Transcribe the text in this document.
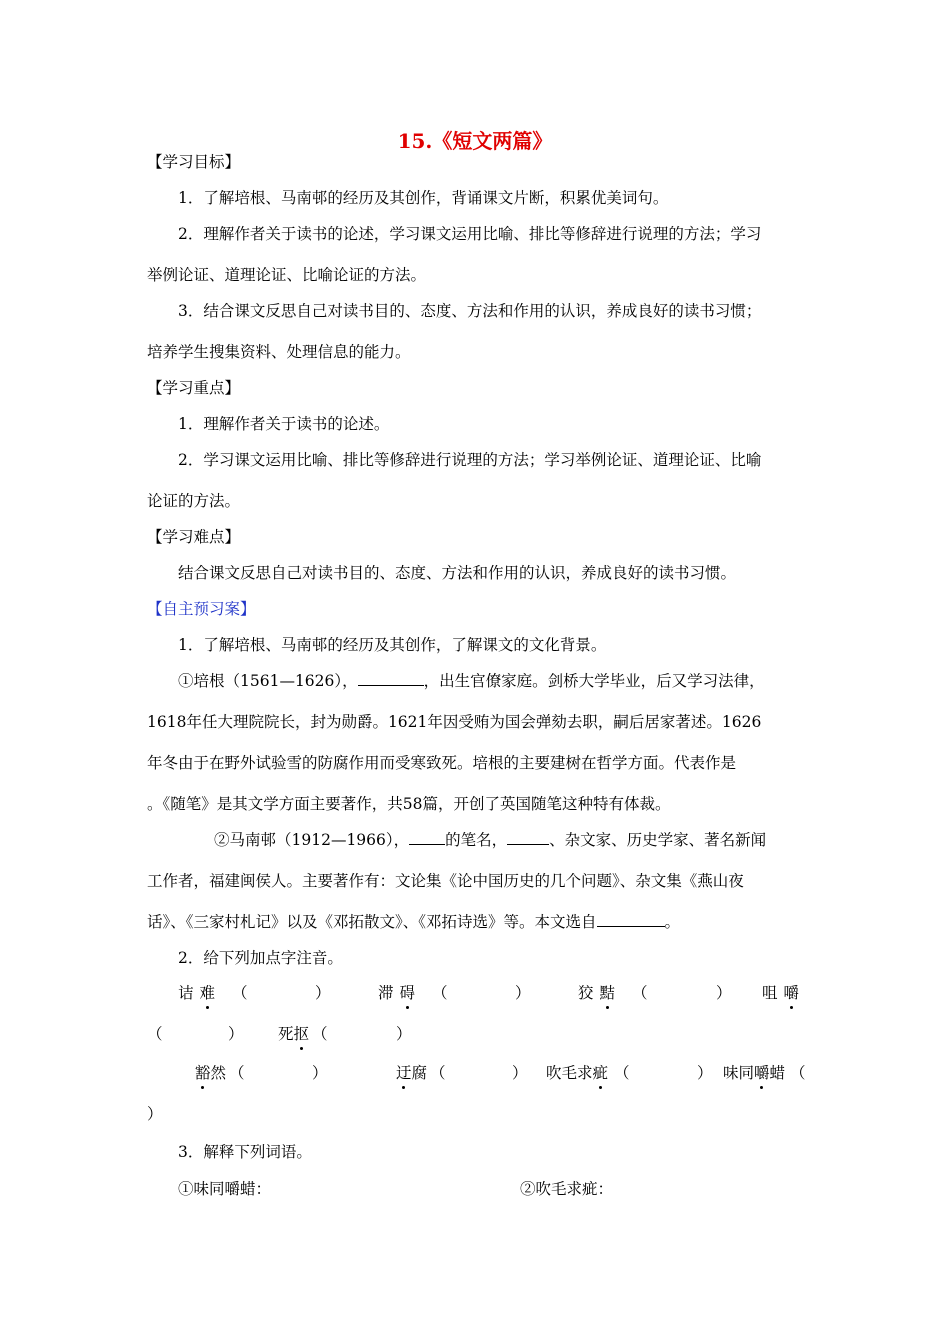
15.《短文两篇》
【学习目标】
1．了解培根、马南邨的经历及其创作，背诵课文片断，积累优美词句。
2．理解作者关于读书的论述，学习课文运用比喻、排比等修辞进行说理的方法；学习
举例论证、道理论证、比喻论证的方法。
3．结合课文反思自己对读书目的、态度、方法和作用的认识，养成良好的读书习惯；
培养学生搜集资料、处理信息的能力。
【学习重点】
1．理解作者关于读书的论述。
2．学习课文运用比喻、排比等修辞进行说理的方法；学习举例论证、道理论证、比喻
论证的方法。
【学习难点】
结合课文反思自己对读书目的、态度、方法和作用的认识，养成良好的读书习惯。
【自主预习案】
1．了解培根、马南邨的经历及其创作，了解课文的文化背景。
①培根（1561—1626），	，出生官僚家庭。剑桥大学毕业，后又学习法律，
1618年任大理院院长，封为勋爵。1621年因受贿为国会弹劾去职，嗣后居家著述。1626
年冬由于在野外试验雪的防腐作用而受寒致死。培根的主要建树在哲学方面。代表作是
。《随笔》是其文学方面主要著作，共58篇，开创了英国随笔这种特有体裁。
②马南邨（1912—1966）， 的笔名，	、杂文家、历史学家、著名新闻
工作者，福建闽侯人。主要著作有：文论集《论中国历史的几个问题》、杂文集《燕山夜
话》、《三家村札记》以及《邓拓散文》、《邓拓诗选》等。本文选自	。
2．给下列加点字注音。
诘 难 （	）	滞 碍 （	）	狡 黠 （	） 咀 嚼
（	） 死抠 （	）
豁然 （	）	迂腐 （	） 吹毛求疵 （	） 味同嚼蜡 （
）
3．解释下列词语。
①味同嚼蜡：	②吹毛求疵：
